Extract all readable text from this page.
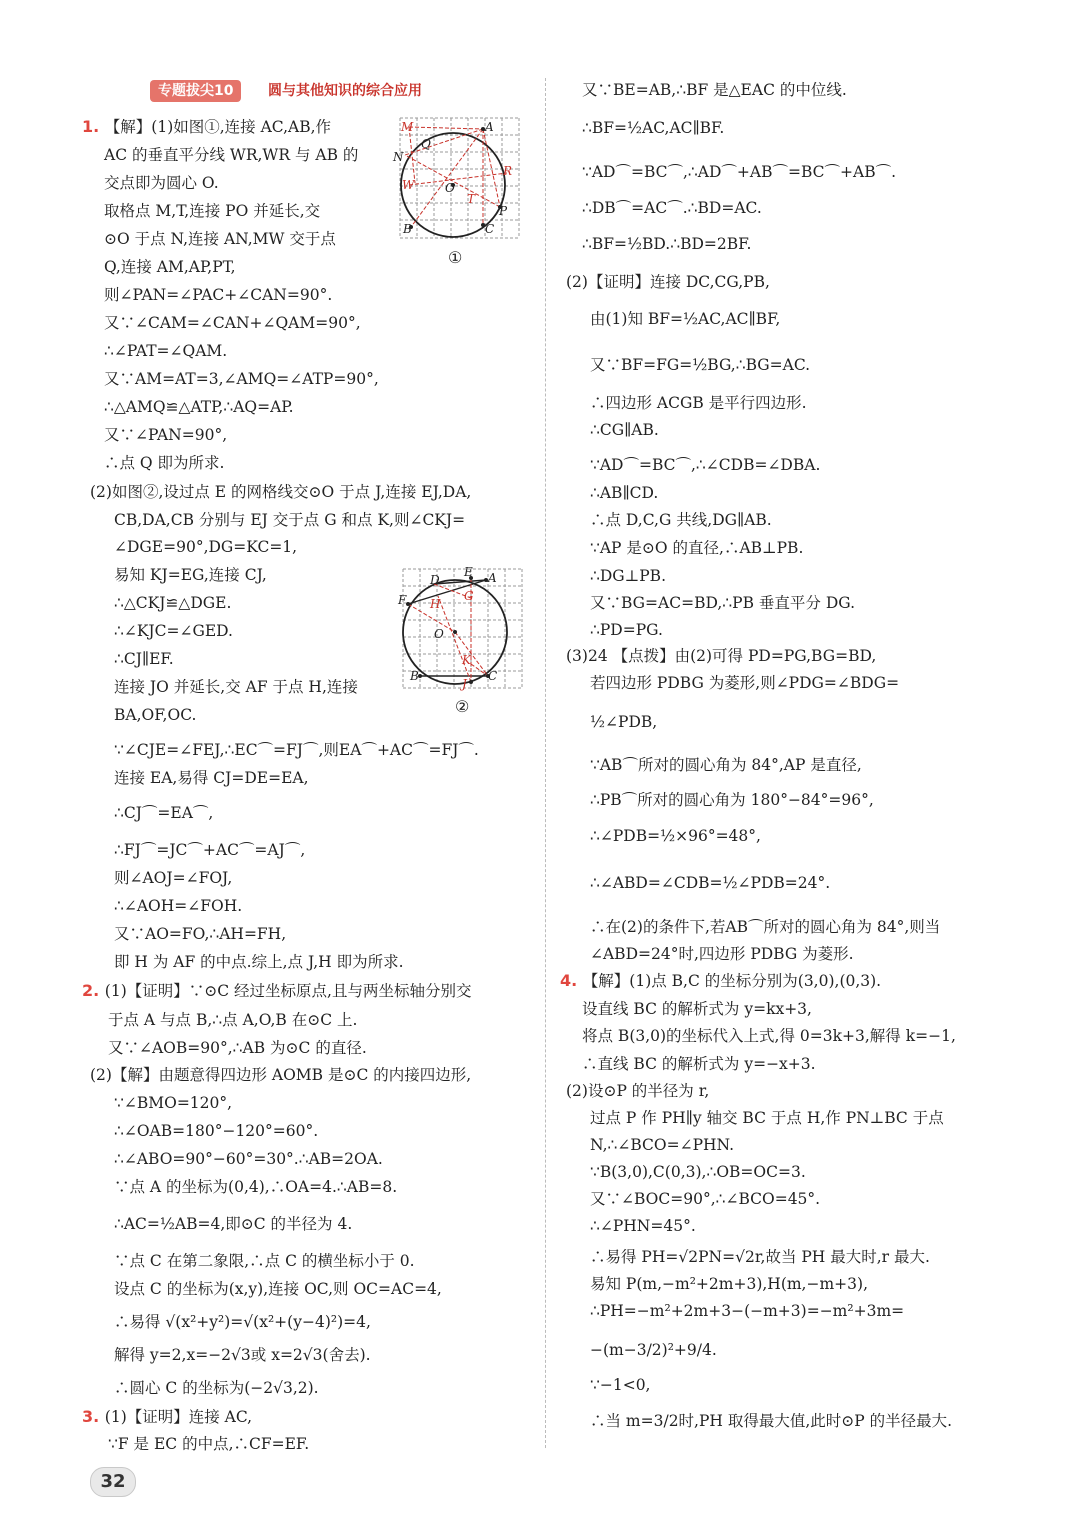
专题拔尖10	圆与其他知识的综合应用
1. 【解】(1)如图①,连接 AC,AB,作
AC 的垂直平分线 WR,WR 与 AB 的
交点即为圆心 O.
取格点 M,T,连接 PO 并延长,交
⊙O 于点 N,连接 AN,MW 交于点
Q,连接 AM,AP,PT,
则∠PAN=∠PAC+∠CAN=90°.
又∵∠CAM=∠CAN+∠QAM=90°,
∴∠PAT=∠QAM.
又∵AM=AT=3,∠AMQ=∠ATP=90°,
∴△AMQ≌△ATP,∴AQ=AP.
又∵∠PAN=90°,
∴点 Q 即为所求.
(2)如图②,设过点 E 的网格线交⊙O 于点 J,连接 EJ,DA,
CB,DA,CB 分别与 EJ 交于点 G 和点 K,则∠CKJ=
∠DGE=90°,DG=KC=1,
易知 KJ=EG,连接 CJ,
∴△CKJ≌△DGE.
∴∠KJC=∠GED.
∴CJ∥EF.
连接 JO 并延长,交 AF 于点 H,连接
BA,OF,OC.
∵∠CJE=∠FEJ,∴EC⌒=FJ⌒,则EA⌒+AC⌒=FJ⌒.
连接 EA,易得 CJ=DE=EA,
∴CJ⌒=EA⌒,
∴FJ⌒=JC⌒+AC⌒=AJ⌒,
则∠AOJ=∠FOJ,
∴∠AOH=∠FOH.
又∵AO=FO,∴AH=FH,
即 H 为 AF 的中点.综上,点 J,H 即为所求.
2. (1)【证明】∵⊙C 经过坐标原点,且与两坐标轴分别交
于点 A 与点 B,∴点 A,O,B 在⊙C 上.
又∵∠AOB=90°,∴AB 为⊙C 的直径.
(2)【解】由题意得四边形 AOMB 是⊙C 的内接四边形,
∵∠BMO=120°,
∴∠OAB=180°−120°=60°.
∴∠ABO=90°−60°=30°.∴AB=2OA.
∵点 A 的坐标为(0,4),∴OA=4.∴AB=8.
∴AC=½AB=4,即⊙C 的半径为 4.
∵点 C 在第二象限,∴点 C 的横坐标小于 0.
设点 C 的坐标为(x,y),连接 OC,则 OC=AC=4,
∴易得 √(x²+y²)=√(x²+(y−4)²)=4,
解得 y=2,x=−2√3或 x=2√3(舍去).
∴圆心 C 的坐标为(−2√3,2).
3. (1)【证明】连接 AC,
∵F 是 EC 的中点,∴CF=EF.
又∵BE=AB,∴BF 是△EAC 的中位线.
∴BF=½AC,AC∥BF.
∵AD⌒=BC⌒,∴AD⌒+AB⌒=BC⌒+AB⌒.
∴DB⌒=AC⌒.∴BD=AC.
∴BF=½BD.∴BD=2BF.
(2)【证明】连接 DC,CG,PB,
由(1)知 BF=½AC,AC∥BF,
又∵BF=FG=½BG,∴BG=AC.
∴四边形 ACGB 是平行四边形.
∴CG∥AB.
∵AD⌒=BC⌒,∴∠CDB=∠DBA.
∴AB∥CD.
∴点 D,C,G 共线,DG∥AB.
∵AP 是⊙O 的直径,∴AB⊥PB.
∴DG⊥PB.
又∵BG=AC=BD,∴PB 垂直平分 DG.
∴PD=PG.
(3)24 【点拨】由(2)可得 PD=PG,BG=BD,
若四边形 PDBG 为菱形,则∠PDG=∠BDG=
½∠PDB,
∵AB⌒所对的圆心角为 84°,AP 是直径,
∴PB⌒所对的圆心角为 180°−84°=96°,
∴∠PDB=½×96°=48°,
∴∠ABD=∠CDB=½∠PDB=24°.
∴在(2)的条件下,若AB⌒所对的圆心角为 84°,则当
∠ABD=24°时,四边形 PDBG 为菱形.
4. 【解】(1)点 B,C 的坐标分别为(3,0),(0,3).
设直线 BC 的解析式为 y=kx+3,
将点 B(3,0)的坐标代入上式,得 0=3k+3,解得 k=−1,
∴直线 BC 的解析式为 y=−x+3.
(2)设⊙P 的半径为 r,
过点 P 作 PH∥y 轴交 BC 于点 H,作 PN⊥BC 于点
N,∴∠BCO=∠PHN.
∵B(3,0),C(0,3),∴OB=OC=3.
又∵∠BOC=90°,∴∠BCO=45°.
∴∠PHN=45°.
∴易得 PH=√2PN=√2r,故当 PH 最大时,r 最大.
易知 P(m,−m²+2m+3),H(m,−m+3),
∴PH=−m²+2m+3−(−m+3)=−m²+3m=
−(m−3/2)²+9/4.
∵−1<0,
∴当 m=3/2时,PH 取得最大值,此时⊙P 的半径最大.
M	A
Q
N
O
R
W
T
P
B	C
①
D
E A
F	G
H
O
K
J
B	C
②
32
